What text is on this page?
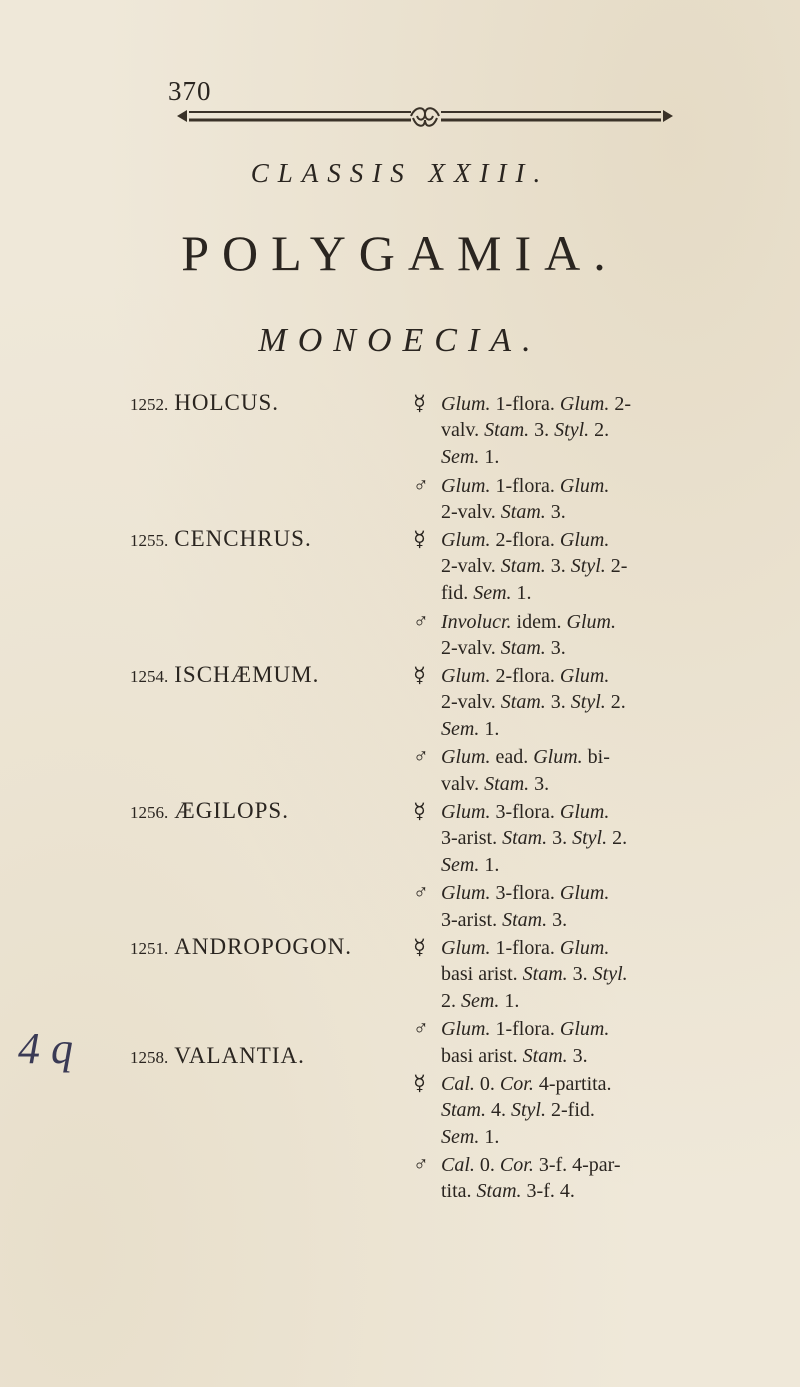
370
CLASSIS XXIII.
POLYGAMIA.
MONOECIA.
1252. HOLCUS.
1255. CENCHRUS.
1254. ISCHÆMUM.
1256. ÆGILOPS.
1251. ANDROPOGON.
1258. VALANTIA.
☿ Glum. 1-flora. Glum. 2-
valv. Stam. 3. Styl. 2.
Sem. 1.
♂ Glum. 1-flora. Glum.
2-valv. Stam. 3.
☿ Glum. 2-flora. Glum.
2-valv. Stam. 3. Styl. 2-
fid. Sem. 1.
♂ Involucr. idem. Glum.
2-valv. Stam. 3.
☿ Glum. 2-flora. Glum.
2-valv. Stam. 3. Styl. 2.
Sem. 1.
♂ Glum. ead. Glum. bi-
valv. Stam. 3.
☿ Glum. 3-flora. Glum.
3-arist. Stam. 3. Styl. 2.
Sem. 1.
♂ Glum. 3-flora. Glum.
3-arist. Stam. 3.
☿ Glum. 1-flora. Glum.
basi arist. Stam. 3. Styl.
2. Sem. 1.
♂ Glum. 1-flora. Glum.
basi arist. Stam. 3.
☿ Cal. 0. Cor. 4-partita.
Stam. 4. Styl. 2-fid.
Sem. 1.
♂ Cal. 0. Cor. 3-f. 4-par-
tita. Stam. 3-f. 4.
4 q
